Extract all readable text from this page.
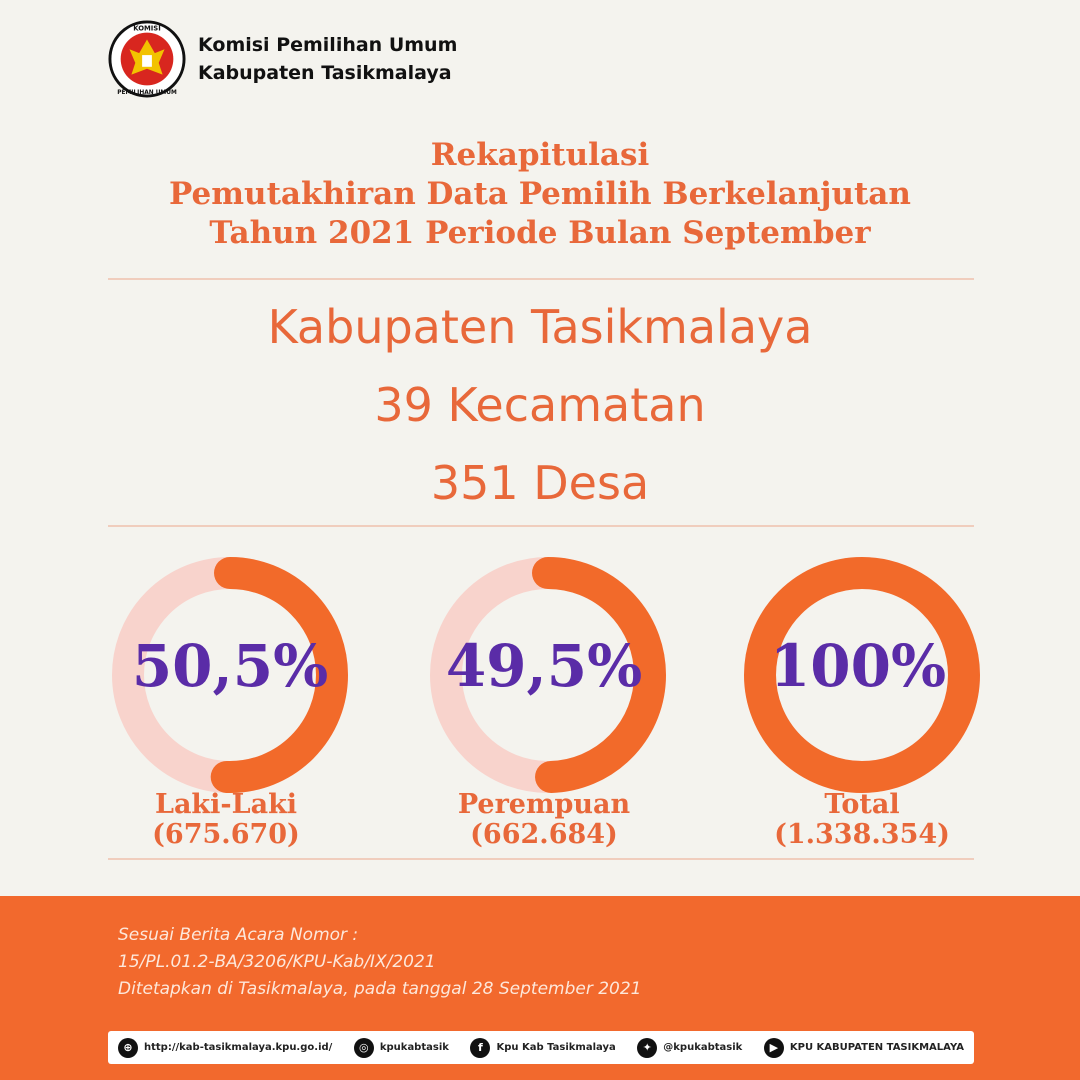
KOMISI
PEMILIHAN UMUM
Komisi Pemilihan Umum
Kabupaten Tasikmalaya
Rekapitulasi
Pemutakhiran Data Pemilih Berkelanjutan
Tahun 2021 Periode Bulan September
Kabupaten Tasikmalaya
39 Kecamatan
351 Desa
50,5%	49,5%	100%
Laki-Laki
(675.670)
Perempuan
(662.684)
Total
(1.338.354)
Sesuai Berita Acara Nomor :
15/PL.01.2-BA/3206/KPU-Kab/IX/2021
Ditetapkan di Tasikmalaya, pada tanggal 28 September 2021
⊕	http://kab-tasikmalaya.kpu.go.id/	◎	kpukabtasik	f	Kpu Kab Tasikmalaya	✦	@kpukabtasik	▶	KPU KABUPATEN TASIKMALAYA
